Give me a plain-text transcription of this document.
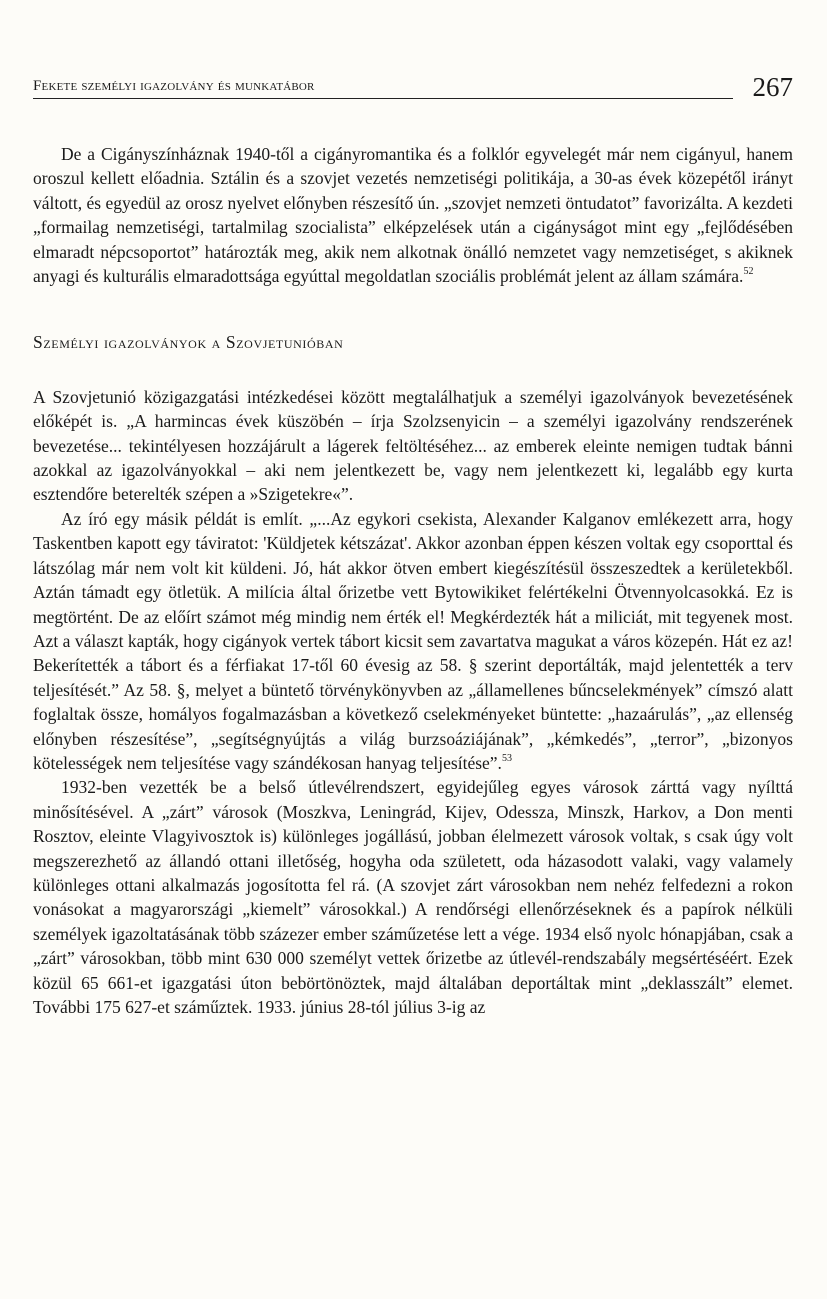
Fekete személyi igazolvány és munkatábor	267

De a Cigányszínháznak 1940-től a cigányromantika és a folklór egyvelegét már nem cigányul, hanem oroszul kellett előadnia. Sztálin és a szovjet vezetés nemzetiségi politikája, a 30-as évek közepétől irányt váltott, és egyedül az orosz nyelvet előnyben részesítő ún. „szovjet nemzeti öntudatot” favorizálta. A kezdeti „formailag nemzetiségi, tartalmilag szocialista” elképzelések után a cigányságot mint egy „fejlődésében elmaradt népcsoportot” határozták meg, akik nem alkotnak önálló nemzetet vagy nemzetiséget, s akiknek anyagi és kulturális elmaradottsága egyúttal megoldatlan szociális problémát jelent az állam számára.$^{52}$

Személyi igazolványok a Szovjetunióban

A Szovjetunió közigazgatási intézkedései között megtalálhatjuk a személyi igazolványok bevezetésének előképét is. „A harmincas évek küszöbén – írja Szolzsenyicin – a személyi igazolvány rendszerének bevezetése... tekintélyesen hozzájárult a lágerek feltöltéséhez... az emberek eleinte nemigen tudtak bánni azokkal az igazolványokkal – aki nem jelentkezett be, vagy nem jelentkezett ki, legalább egy kurta esztendőre beterelték szépen a »Szigetekre«”.

Az író egy másik példát is említ. „...Az egykori csekista, Alexander Kalganov emlékezett arra, hogy Taskentben kapott egy táviratot: 'Küldjetek kétszázat'. Akkor azonban éppen készen voltak egy csoporttal és látszólag már nem volt kit küldeni. Jó, hát akkor ötven embert kiegészítésül összeszedtek a kerületekből. Aztán támadt egy ötletük. A milícia által őrizetbe vett Bytowikiket felértékelni Ötvennyolcasokká. Ez is megtörtént. De az előírt számot még mindig nem érték el! Megkérdezték hát a miliciát, mit tegyenek most. Azt a választ kapták, hogy cigányok vertek tábort kicsit sem zavartatva magukat a város közepén. Hát ez az! Bekerítették a tábort és a férfiakat 17-től 60 évesig az 58. § szerint deportálták, majd jelentették a terv teljesítését.” Az 58. §, melyet a büntető törvénykönyvben az „államellenes bűncselekmények” címszó alatt foglaltak össze, homályos fogalmazásban a következő cselekményeket büntette: „hazaárulás”, „az ellenség előnyben részesítése”, „segítségnyújtás a világ burzsoáziájának”, „kémkedés”, „terror”, „bizonyos kötelességek nem teljesítése vagy szándékosan hanyag teljesítése”.$^{53}$

1932-ben vezették be a belső útlevélrendszert, egyidejűleg egyes városok zárttá vagy nyílttá minősítésével. A „zárt” városok (Moszkva, Leningrád, Kijev, Odessza, Minszk, Harkov, a Don menti Rosztov, eleinte Vlagyivosztok is) különleges jogállású, jobban élelmezett városok voltak, s csak úgy volt megszerezhető az állandó ottani illetőség, hogyha oda született, oda házasodott valaki, vagy valamely különleges ottani alkalmazás jogosította fel rá. (A szovjet zárt városokban nem nehéz felfedezni a rokon vonásokat a magyarországi „kiemelt” városokkal.) A rendőrségi ellenőrzéseknek és a papírok nélküli személyek igazoltatásának több százezer ember száműzetése lett a vége. 1934 első nyolc hónapjában, csak a „zárt” városokban, több mint 630 000 személyt vettek őrizetbe az útlevél-rendszabály megsértéséért. Ezek közül 65 661-et igazgatási úton bebörtönöztek, majd általában deportáltak mint „deklasszált” elemet. További 175 627-et száműztek. 1933. június 28-tól július 3-ig az
